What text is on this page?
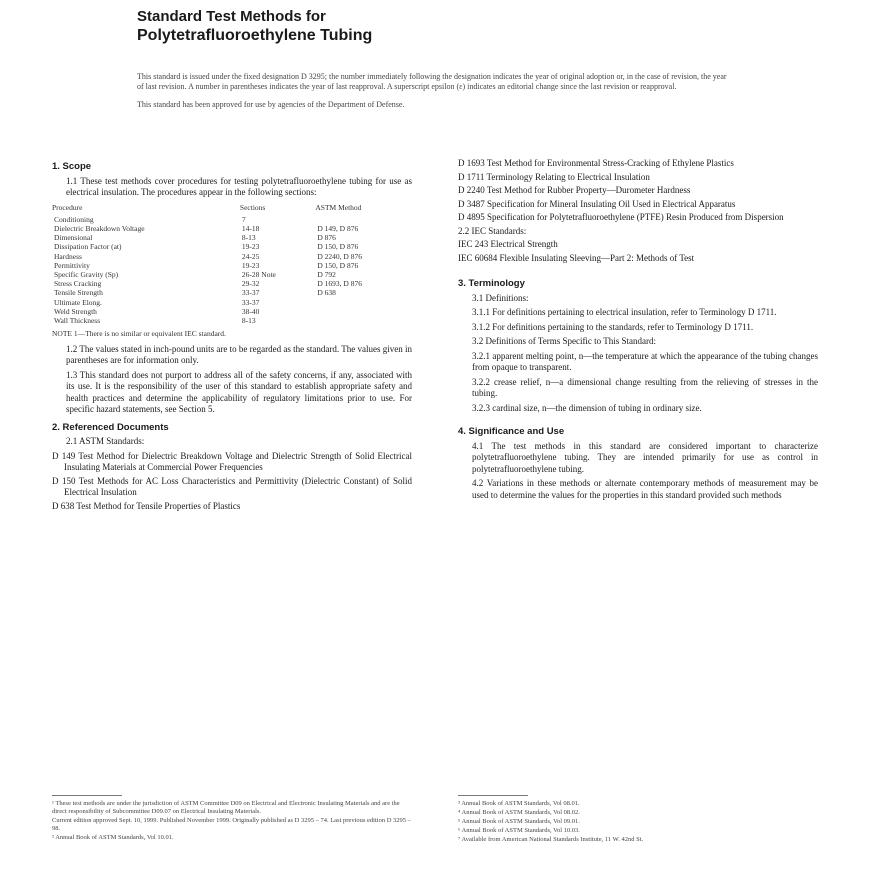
Standard Test Methods for
Polytetrafluoroethylene Tubing

This standard is issued under the fixed designation D 3295; the number immediately following the designation indicates the year of original adoption or, in the case of revision, the year of last revision. A number in parentheses indicates the year of last reapproval. A superscript epsilon (ε) indicates an editorial change since the last revision or reapproval.

This standard has been approved for use by agencies of the Department of Defense.

1. Scope

1.1 These test methods cover procedures for testing polytetrafluoroethylene tubing for use as electrical insulation. The procedures appear in the following sections:

Procedure	Sections	ASTM Method
Conditioning	7	
Dielectric Breakdown Voltage	14-18	D 149, D 876
Dimensional	8-13	D 876
Dissipation Factor (at)	19-23	D 150, D 876
Hardness	24-25	D 2240, D 876
Permittivity	19-23	D 150, D 876
Specific Gravity (Sp)	26-28 Note	D 792
Stress Cracking	29-32	D 1693, D 876
Tensile Strength	33-37	D 638
Ultimate Elong.	33-37	
Weld Strength	38-40	
Wall Thickness	8-13	
NOTE 1—There is no similar or equivalent IEC standard.

1.2 The values stated in inch-pound units are to be regarded as the standard. The values given in parentheses are for information only.

1.3 This standard does not purport to address all of the safety concerns, if any, associated with its use. It is the responsibility of the user of this standard to establish appropriate safety and health practices and determine the applicability of regulatory limitations prior to use. For specific hazard statements, see Section 5.

2. Referenced Documents

2.1 ASTM Standards:

D 149 Test Method for Dielectric Breakdown Voltage and Dielectric Strength of Solid Electrical Insulating Materials at Commercial Power Frequencies

D 150 Test Methods for AC Loss Characteristics and Permittivity (Dielectric Constant) of Solid Electrical Insulation

D 638 Test Method for Tensile Properties of Plastics

D 1693 Test Method for Environmental Stress-Cracking of Ethylene Plastics

D 1711 Terminology Relating to Electrical Insulation

D 2240 Test Method for Rubber Property—Durometer Hardness

D 3487 Specification for Mineral Insulating Oil Used in Electrical Apparatus

D 4895 Specification for Polytetrafluoroethylene (PTFE) Resin Produced from Dispersion

2.2 IEC Standards:

IEC 243 Electrical Strength

IEC 60684 Flexible Insulating Sleeving—Part 2: Methods of Test

3. Terminology

3.1 Definitions:

3.1.1 For definitions pertaining to electrical insulation, refer to Terminology D 1711.

3.1.2 For definitions pertaining to the standards, refer to Terminology D 1711.

3.2 Definitions of Terms Specific to This Standard:

3.2.1 apparent melting point, n—the temperature at which the appearance of the tubing changes from opaque to transparent.

3.2.2 crease relief, n—a dimensional change resulting from the relieving of stresses in the tubing.

3.2.3 cardinal size, n—the dimension of tubing in ordinary size.

4. Significance and Use

4.1 The test methods in this standard are considered important to characterize polytetrafluoroethylene tubing. They are intended primarily for use as control in polytetrafluoroethylene tubing.

4.2 Variations in these methods or alternate contemporary methods of measurement may be used to determine the values for the properties in this standard provided such methods

¹ These test methods are under the jurisdiction of ASTM Committee D09 on Electrical and Electronic Insulating Materials and are the direct responsibility of Subcommittee D09.07 on Electrical Insulating Materials.

Current edition approved Sept. 10, 1999. Published November 1999. Originally published as D 3295 – 74. Last previous edition D 3295 – 98.

² Annual Book of ASTM Standards, Vol 10.01.

³ Annual Book of ASTM Standards, Vol 08.01.

⁴ Annual Book of ASTM Standards, Vol 08.02.

⁵ Annual Book of ASTM Standards, Vol 09.01.

⁶ Annual Book of ASTM Standards, Vol 10.03.

⁷ Available from American National Standards Institute, 11 W. 42nd St.
